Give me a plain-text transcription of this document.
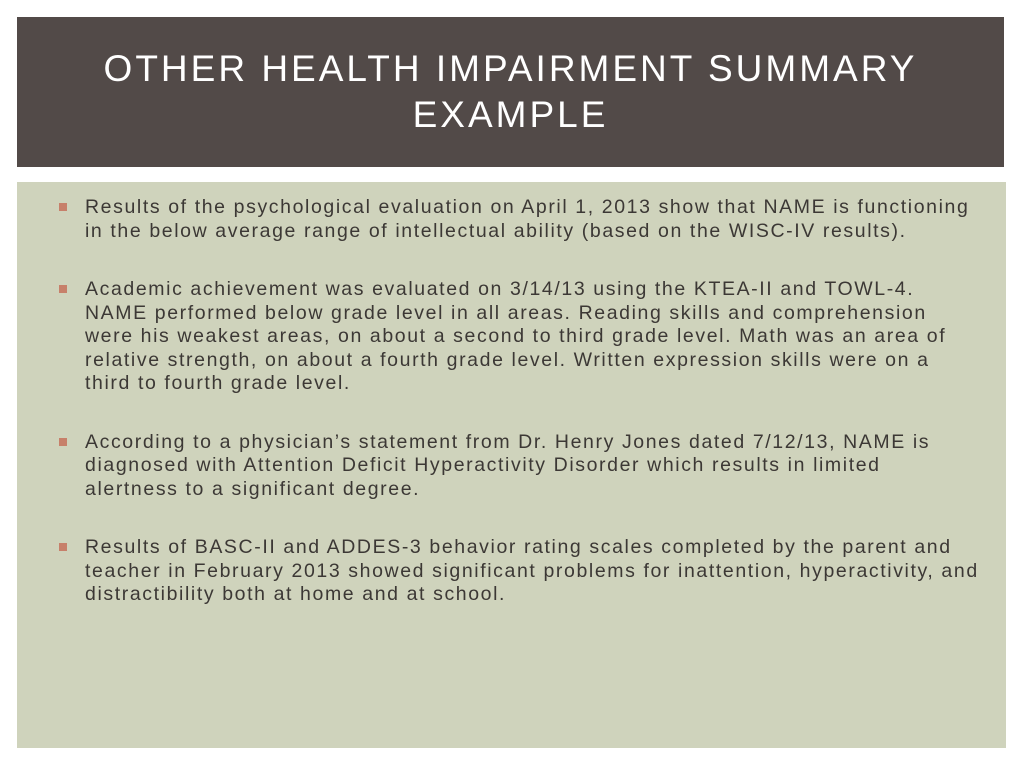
OTHER HEALTH IMPAIRMENT SUMMARY EXAMPLE
Results of the psychological evaluation on April 1, 2013 show that NAME is functioning in the below average range of intellectual ability (based on the WISC-IV results).
Academic achievement was evaluated on 3/14/13 using the KTEA-II and TOWL-4. NAME performed below grade level in all areas. Reading skills and comprehension were his weakest areas, on about a second to third grade level. Math was an area of relative strength, on about a fourth grade level. Written expression skills were on a third to fourth grade level.
According to a physician’s statement from Dr. Henry Jones dated 7/12/13, NAME is diagnosed with Attention Deficit Hyperactivity Disorder which results in limited alertness to a significant degree.
Results of BASC-II and ADDES-3 behavior rating scales completed by the parent and teacher in February 2013 showed significant problems for inattention, hyperactivity, and distractibility both at home and at school.
